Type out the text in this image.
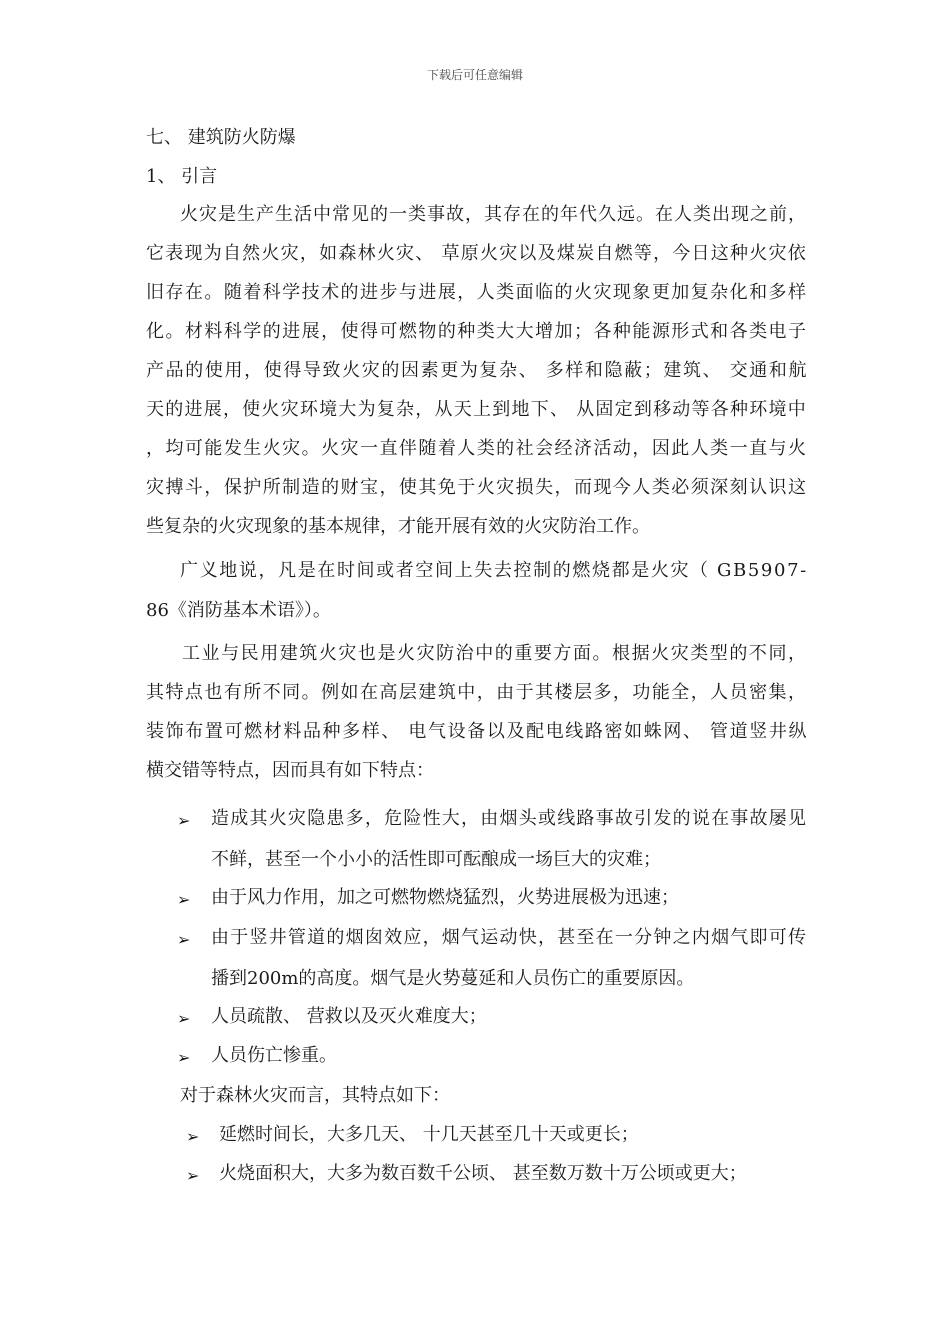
下载后可任意编辑
七、 建筑防火防爆
1、 引言
火灾是生产生活中常见的一类事故，其存在的年代久远。在人类出现之前，
它表现为自然火灾，如森林火灾、 草原火灾以及煤炭自燃等，今日这种火灾依
旧存在。随着科学技术的进步与进展，人类面临的火灾现象更加复杂化和多样
化。材料科学的进展，使得可燃物的种类大大增加；各种能源形式和各类电子
产品的使用，使得导致火灾的因素更为复杂、 多样和隐蔽；建筑、 交通和航
天的进展，使火灾环境大为复杂，从天上到地下、 从固定到移动等各种环境中
，均可能发生火灾。火灾一直伴随着人类的社会经济活动，因此人类一直与火
灾搏斗，保护所制造的财宝，使其免于火灾损失，而现今人类必须深刻认识这
些复杂的火灾现象的基本规律，才能开展有效的火灾防治工作。
广义地说，凡是在时间或者空间上失去控制的燃烧都是火灾（ GB5907-
86《消防基本术语》）。
工业与民用建筑火灾也是火灾防治中的重要方面。根据火灾类型的不同，
其特点也有所不同。例如在高层建筑中，由于其楼层多，功能全，人员密集，
装饰布置可燃材料品种多样、 电气设备以及配电线路密如蛛网、 管道竖井纵
横交错等特点，因而具有如下特点：
➢ 造成其火灾隐患多，危险性大，由烟头或线路事故引发的说在事故屡见
不鲜，甚至一个小小的活性即可酝酿成一场巨大的灾难；
➢ 由于风力作用，加之可燃物燃烧猛烈，火势进展极为迅速；
➢ 由于竖井管道的烟囱效应，烟气运动快，甚至在一分钟之内烟气即可传
播到200m的高度。烟气是火势蔓延和人员伤亡的重要原因。
➢ 人员疏散、 营救以及灭火难度大；
➢ 人员伤亡惨重。
对于森林火灾而言，其特点如下：
➢ 延燃时间长，大多几天、 十几天甚至几十天或更长；
➢ 火烧面积大，大多为数百数千公顷、 甚至数万数十万公顷或更大；
